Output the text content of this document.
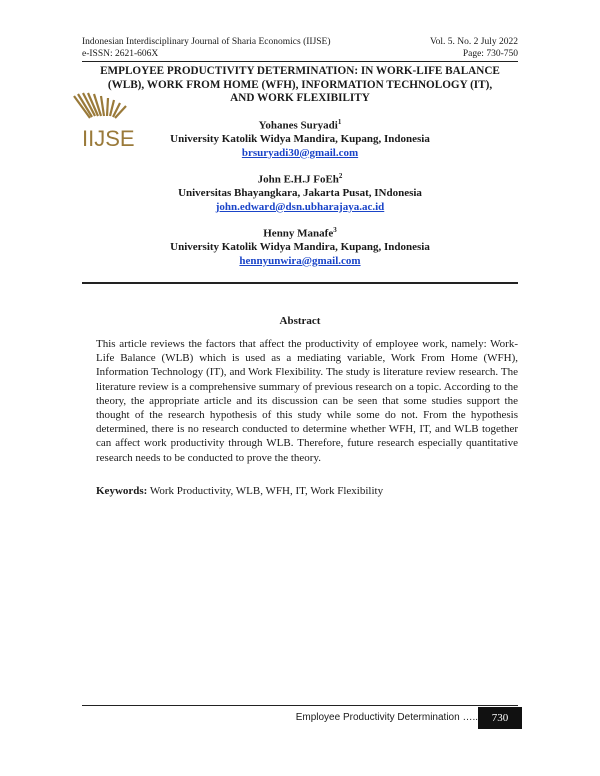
Indonesian Interdisciplinary Journal of Sharia Economics (IIJSE)
e-ISSN: 2621-606X
Vol. 5. No. 2 July 2022
Page: 730-750
EMPLOYEE PRODUCTIVITY DETERMINATION: IN WORK-LIFE BALANCE
(WLB), WORK FROM HOME (WFH), INFORMATION TECHNOLOGY (IT),
AND WORK FLEXIBILITY
IIJSE
Yohanes Suryadi$^1$
University Katolik Widya Mandira, Kupang, Indonesia
brsuryadi30@gmail.com
John E.H.J FoEh$^2$
Universitas Bhayangkara, Jakarta Pusat, INdonesia
john.edward@dsn.ubharajaya.ac.id
Henny Manafe$^3$
University Katolik Widya Mandira, Kupang, Indonesia
hennyunwira@gmail.com
Abstract
This article reviews the factors that affect the productivity of employee work, namely: Work-Life Balance (WLB) which is used as a mediating variable, Work From Home (WFH), Information Technology (IT), and Work Flexibility. The study is literature review research. The literature review is a comprehensive summary of previous research on a topic. According to the theory, the appropriate article and its discussion can be seen that some studies support the thought of the research hypothesis of this study while some do not. From the hypothesis determined, there is no research conducted to determine whether WFH, IT, and WLB together can affect work productivity through WLB. Therefore, future research especially quantitative research needs to be conducted to prove the theory.
Keywords: Work Productivity, WLB, WFH, IT, Work Flexibility
Employee Productivity Determination …..	730
